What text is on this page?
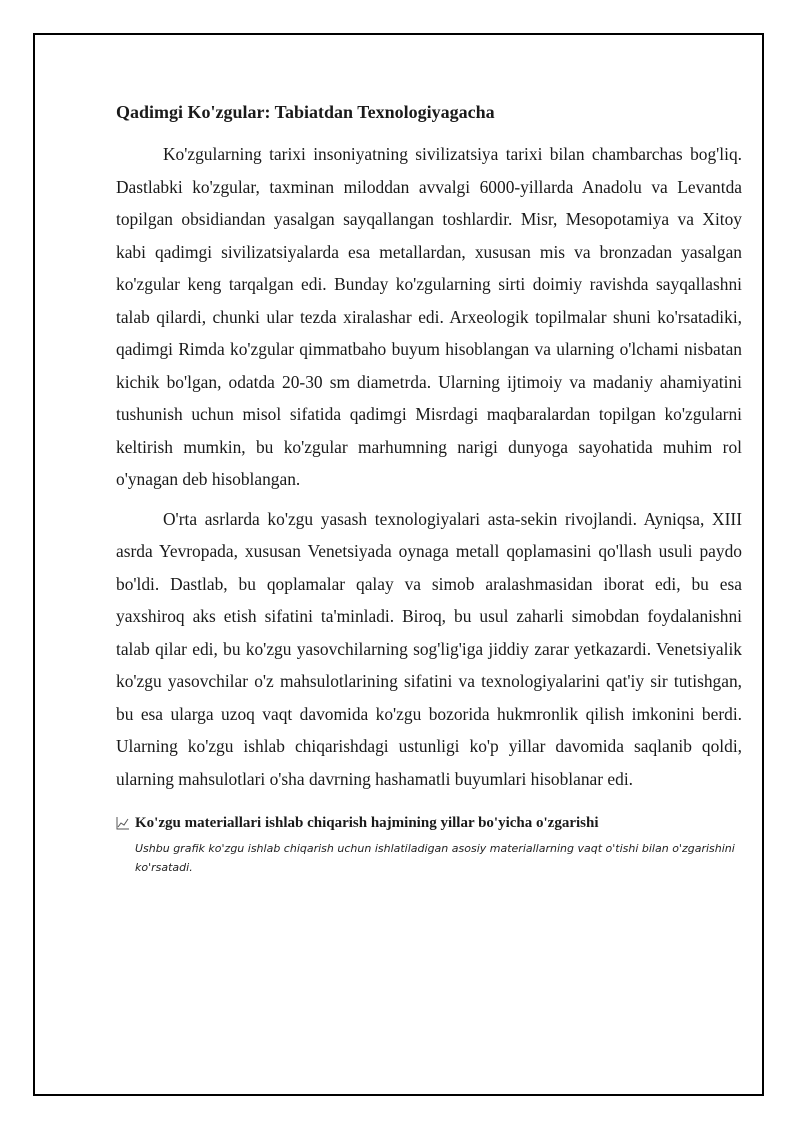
Qadimgi Ko'zgular: Tabiatdan Texnologiyagacha

Ko'zgularning tarixi insoniyatning sivilizatsiya tarixi bilan chambarchas bog'liq. Dastlabki ko'zgular, taxminan miloddan avvalgi 6000-yillarda Anadolu va Levantda topilgan obsidiandan yasalgan sayqallangan toshlardir. Misr, Mesopotamiya va Xitoy kabi qadimgi sivilizatsiyalarda esa metallardan, xususan mis va bronzadan yasalgan ko'zgular keng tarqalgan edi. Bunday ko'zgularning sirti doimiy ravishda sayqallashni talab qilardi, chunki ular tezda xiralashar edi. Arxeologik topilmalar shuni ko'rsatadiki, qadimgi Rimda ko'zgular qimmatbaho buyum hisoblangan va ularning o'lchami nisbatan kichik bo'lgan, odatda 20-30 sm diametrda. Ularning ijtimoiy va madaniy ahamiyatini tushunish uchun misol sifatida qadimgi Misrdagi maqbaralardan topilgan ko'zgularni keltirish mumkin, bu ko'zgular marhumning narigi dunyoga sayohatida muhim rol o'ynagan deb hisoblangan.

O'rta asrlarda ko'zgu yasash texnologiyalari asta-sekin rivojlandi. Ayniqsa, XIII asrda Yevropada, xususan Venetsiyada oynaga metall qoplamasini qo'llash usuli paydo bo'ldi. Dastlab, bu qoplamalar qalay va simob aralashmasidan iborat edi, bu esa yaxshiroq aks etish sifatini ta'minladi. Biroq, bu usul zaharli simobdan foydalanishni talab qilar edi, bu ko'zgu yasovchilarning sog'lig'iga jiddiy zarar yetkazardi. Venetsiyalik ko'zgu yasovchilar o'z mahsulotlarining sifatini va texnologiyalarini qat'iy sir tutishgan, bu esa ularga uzoq vaqt davomida ko'zgu bozorida hukmronlik qilish imkonini berdi. Ularning ko'zgu ishlab chiqarishdagi ustunligi ko'p yillar davomida saqlanib qoldi, ularning mahsulotlari o'sha davrning hashamatli buyumlari hisoblanar edi.

Ko'zgu materiallari ishlab chiqarish hajmining yillar bo'yicha o'zgarishi
Ushbu grafik ko'zgu ishlab chiqarish uchun ishlatiladigan asosiy materiallarning vaqt o'tishi bilan o'zgarishini ko'rsatadi.
